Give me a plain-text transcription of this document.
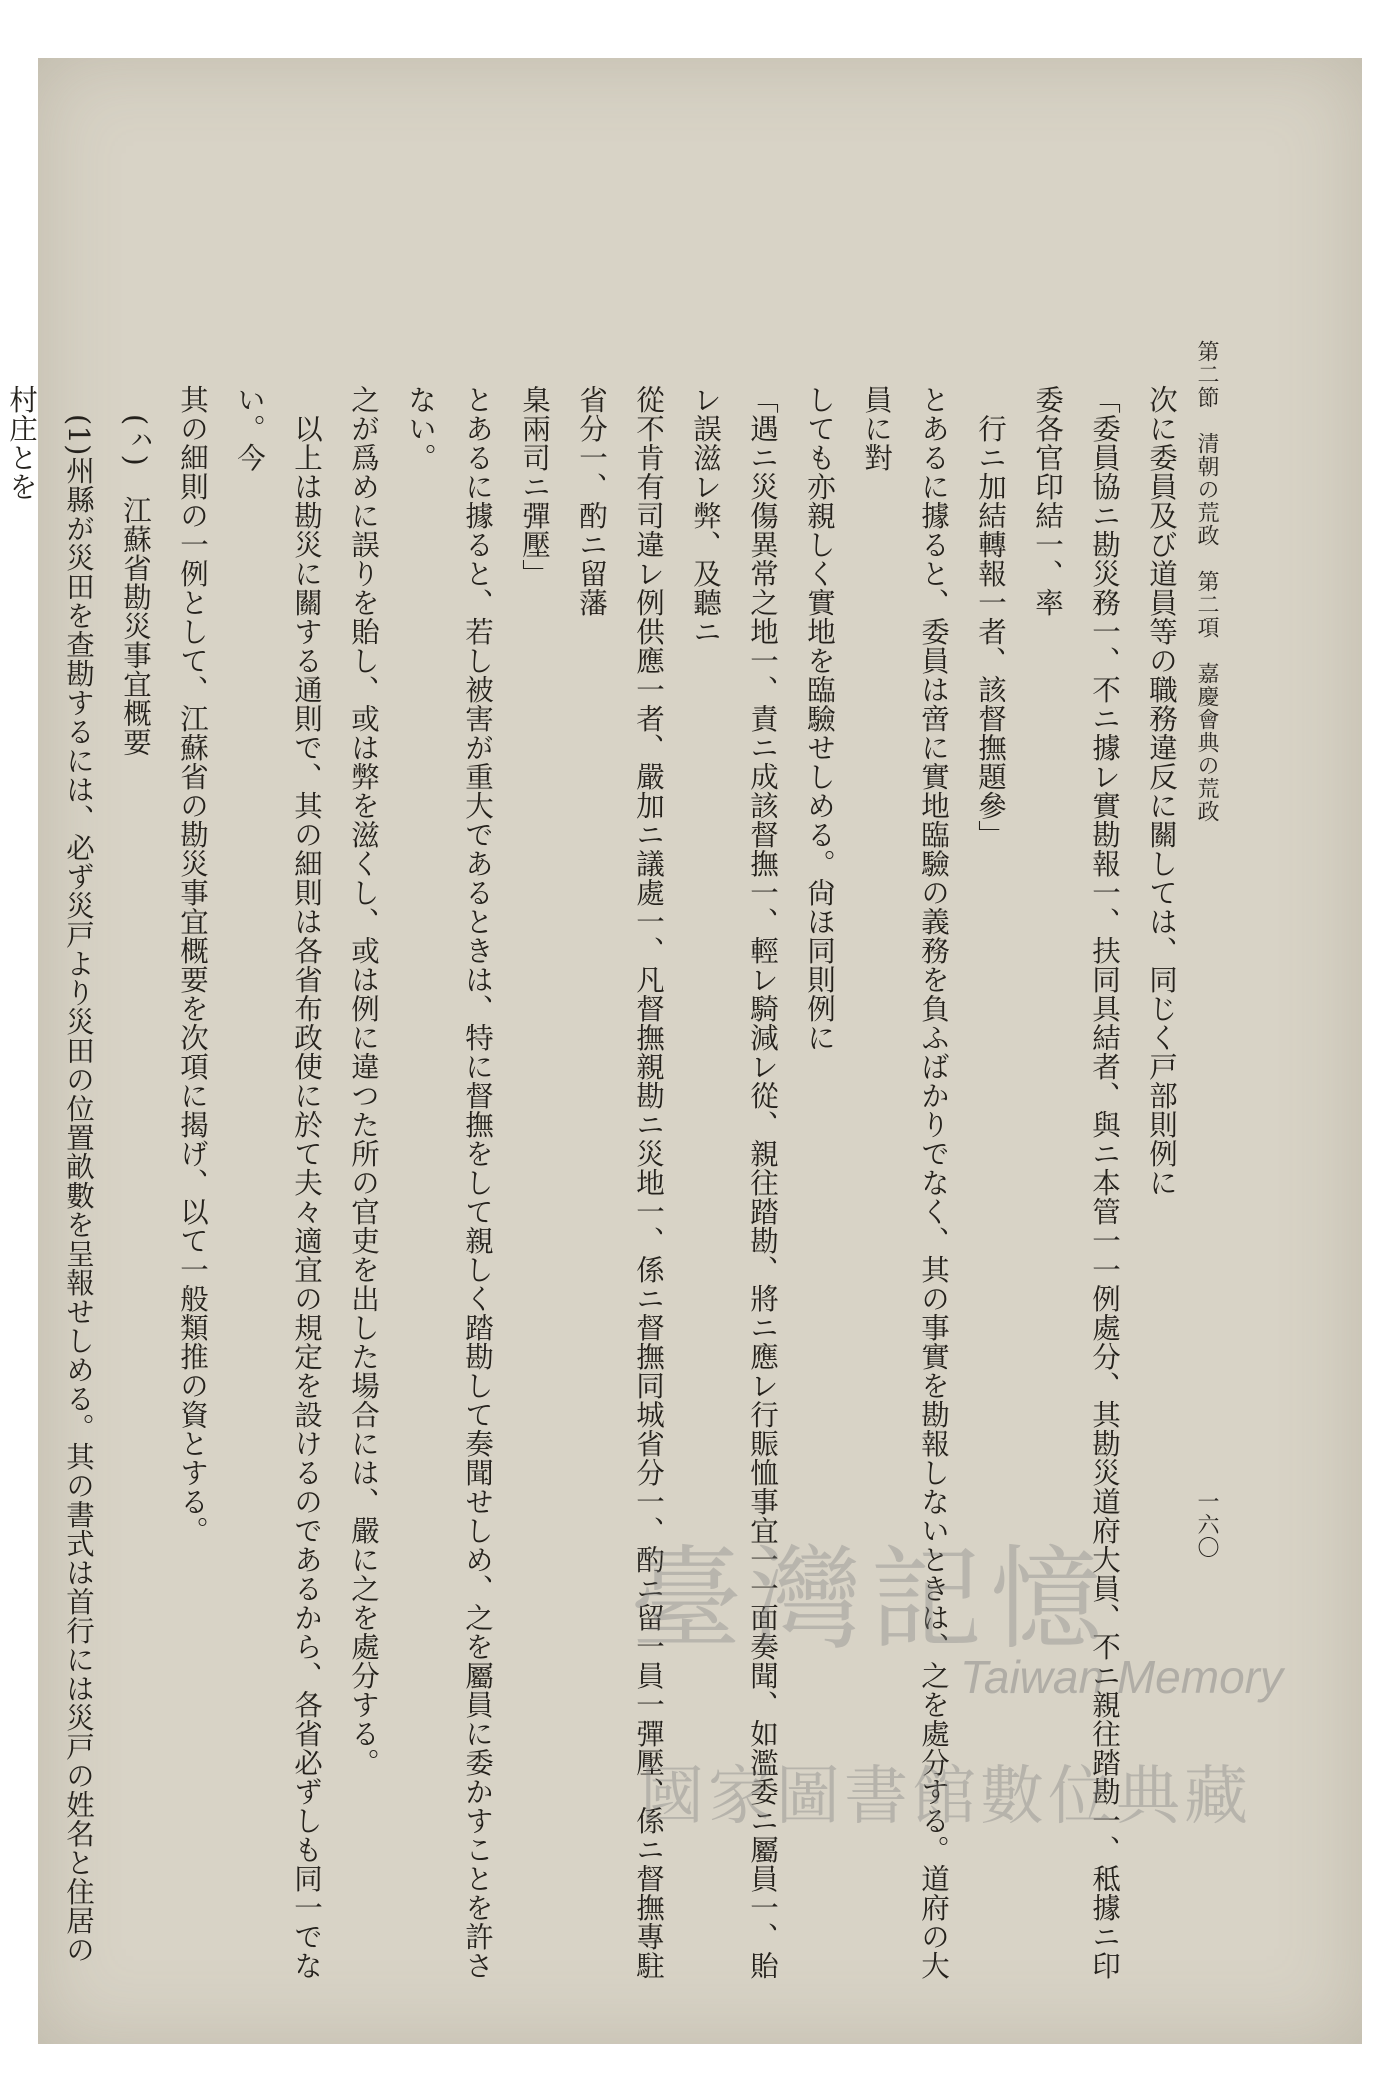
第二節　清朝の荒政　第二項　嘉慶會典の荒政
一六〇

次に委員及び道員等の職務違反に關しては、同じく戸部則例に

「委員協ニ勘災務一、不ニ據レ實勘報一、扶同具結者、與ニ本管一一例處分、其勘災道府大員、不ニ親往踏勘一、秪據ニ印委各官印結一、率

行ニ加結轉報一者、該督撫題參」

とあるに據ると、委員は啻に實地臨驗の義務を負ふばかりでなく、其の事實を勘報しないときは、之を處分する。道府の大員に對

しても亦親しく實地を臨驗せしめる。尙ほ同則例に

「遇ニ災傷異常之地一、責ニ成該督撫一、輕レ騎減レ從、親往踏勘、將ニ應レ行賑恤事宜一一面奏聞、如濫委ニ屬員一、貽レ誤滋レ弊、及聽ニ

從不肯有司違レ例供應一者、嚴加ニ議處一、凡督撫親勘ニ災地一、係ニ督撫同城省分一、酌ニ留一員一彈壓、係ニ督撫專駐省分一、酌ニ留藩

臬兩司ニ彈壓」

とあるに據ると、若し被害が重大であるときは、特に督撫をして親しく踏勘して奏聞せしめ、之を屬員に委かすことを許さない。

之が爲めに誤りを貽し、或は弊を滋くし、或は例に違つた所の官吏を出した場合には、嚴に之を處分する。

以上は勘災に關する通則で、其の細則は各省布政使に於て夫々適宜の規定を設けるのであるから、各省必ずしも同一でない。今

其の細則の一例として、江蘇省の勘災事宜概要を次項に揭げ、以て一般類推の資とする。

(ㇵ)　江蘇省勘災事宜概要

(1)州縣が災田を查勘するには、必ず災戸より災田の位置畝數を呈報せしめる。其の書式は首行には災戸の姓名と住居の村庄とを

臺灣記憶
Taiwan Memory
國家圖書館數位典藏
